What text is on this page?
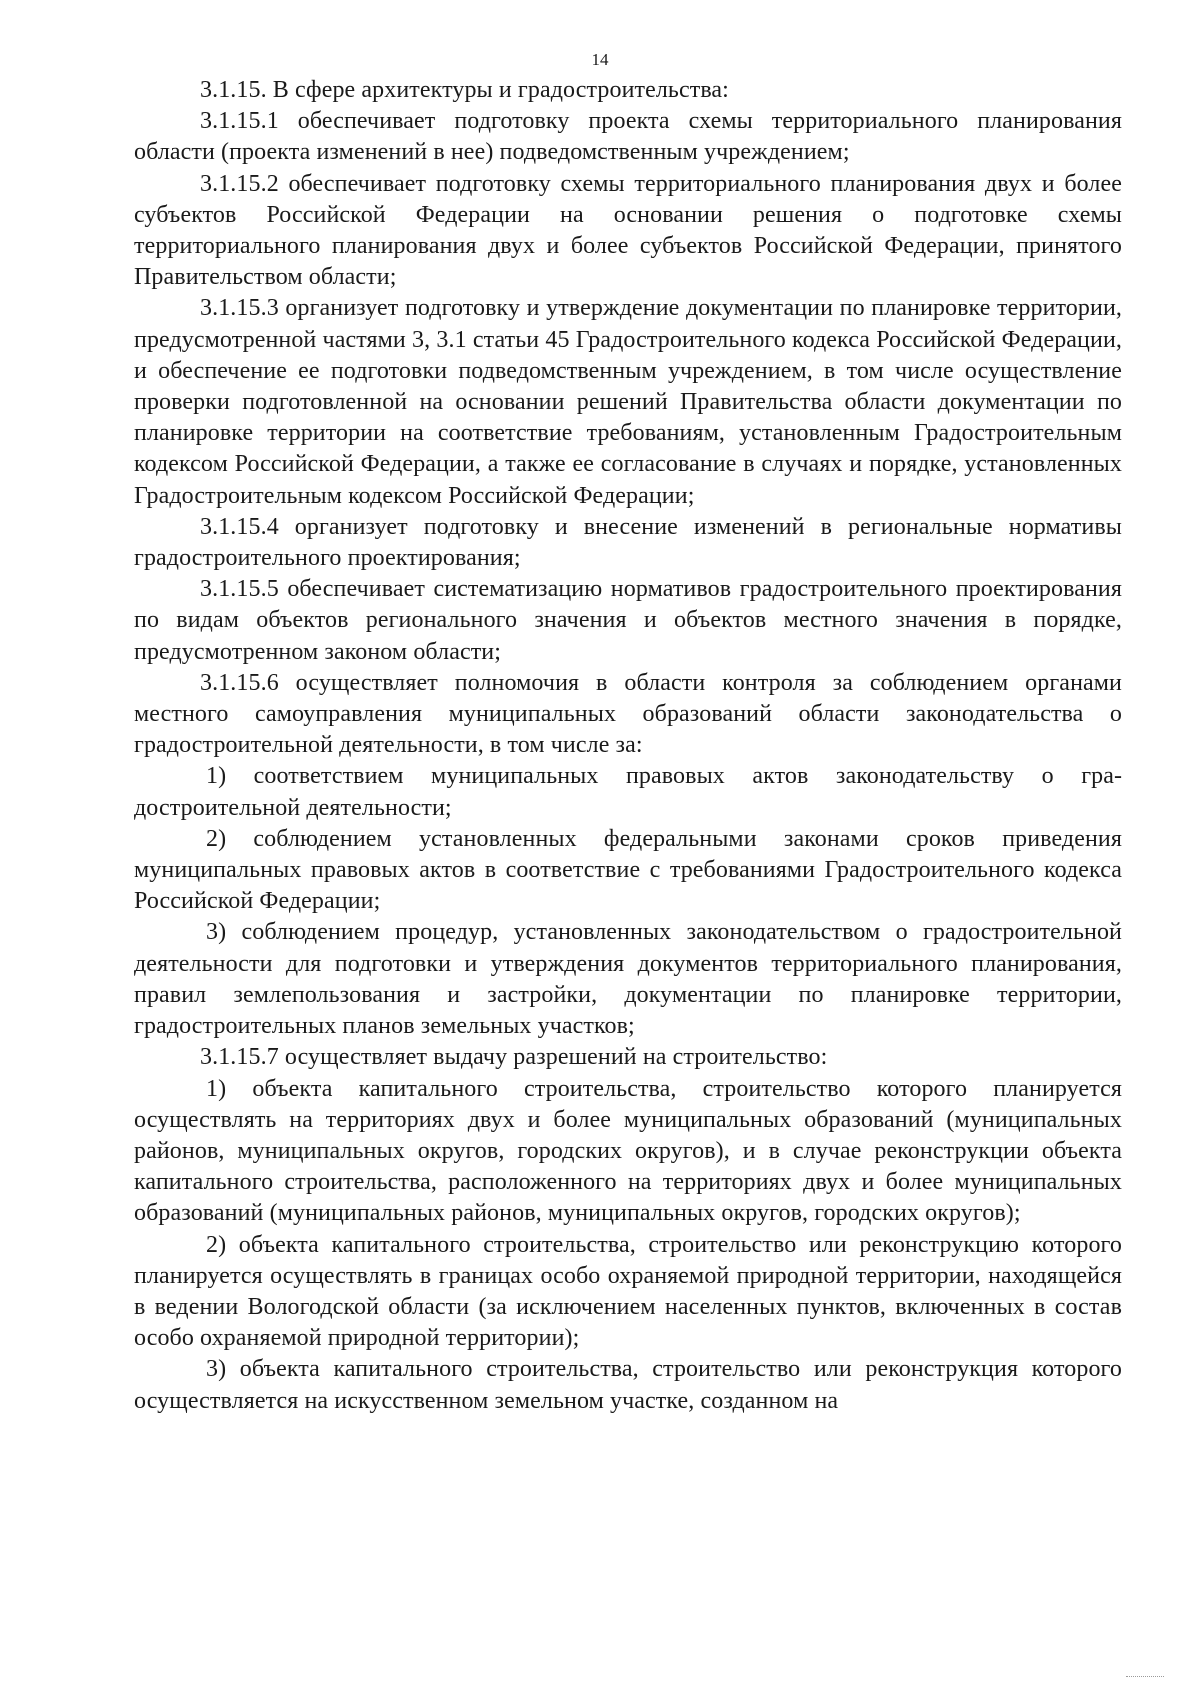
14

3.1.15. В сфере архитектуры и градостроительства:

3.1.15.1 обеспечивает подготовку проекта схемы территориального планирования области (проекта изменений в нее) подведомственным учреждением;

3.1.15.2 обеспечивает подготовку схемы территориального планирования двух и более субъектов Российской Федерации на основании решения о подготовке схемы территориального планирования двух и более субъектов Российской Федерации, принятого Правительством области;

3.1.15.3 организует подготовку и утверждение документации по планировке территории, предусмотренной частями 3, 3.1 статьи 45 Градостроительного кодекса Российской Федерации, и обеспечение ее подготовки подведомственным учреждением, в том числе осуществление проверки подготовленной на основании решений Правительства области документации по планировке территории на соответствие требованиям, установленным Градостроительным кодексом Российской Федерации, а также ее согласование в случаях и порядке, установленных Градостроительным кодексом Российской Федерации;

3.1.15.4 организует подготовку и внесение изменений в региональные нормативы градостроительного проектирования;

3.1.15.5 обеспечивает систематизацию нормативов градостроительного проектирования по видам объектов регионального значения и объектов местного значения в порядке, предусмотренном законом области;

3.1.15.6 осуществляет полномочия в области контроля за соблюдением органами местного самоуправления муниципальных образований области законодательства о градостроительной деятельности, в том числе за:

1) соответствием муниципальных правовых актов законодательству о градостроительной деятельности;

2) соблюдением установленных федеральными законами сроков приведения муниципальных правовых актов в соответствие с требованиями Градостроительного кодекса Российской Федерации;

3) соблюдением процедур, установленных законодательством о градостроительной деятельности для подготовки и утверждения документов территориального планирования, правил землепользования и застройки, документации по планировке территории, градостроительных планов земельных участков;

3.1.15.7 осуществляет выдачу разрешений на строительство:

1) объекта капитального строительства, строительство которого планируется осуществлять на территориях двух и более муниципальных образований (муниципальных районов, муниципальных округов, городских округов), и в случае реконструкции объекта капитального строительства, расположенного на территориях двух и более муниципальных образований (муниципальных районов, муниципальных округов, городских округов);

2) объекта капитального строительства, строительство или реконструкцию которого планируется осуществлять в границах особо охраняемой природной территории, находящейся в ведении Вологодской области (за исключением населенных пунктов, включенных в состав особо охраняемой природной территории);

3) объекта капитального строительства, строительство или реконструкция которого осуществляется на искусственном земельном участке, созданном на
